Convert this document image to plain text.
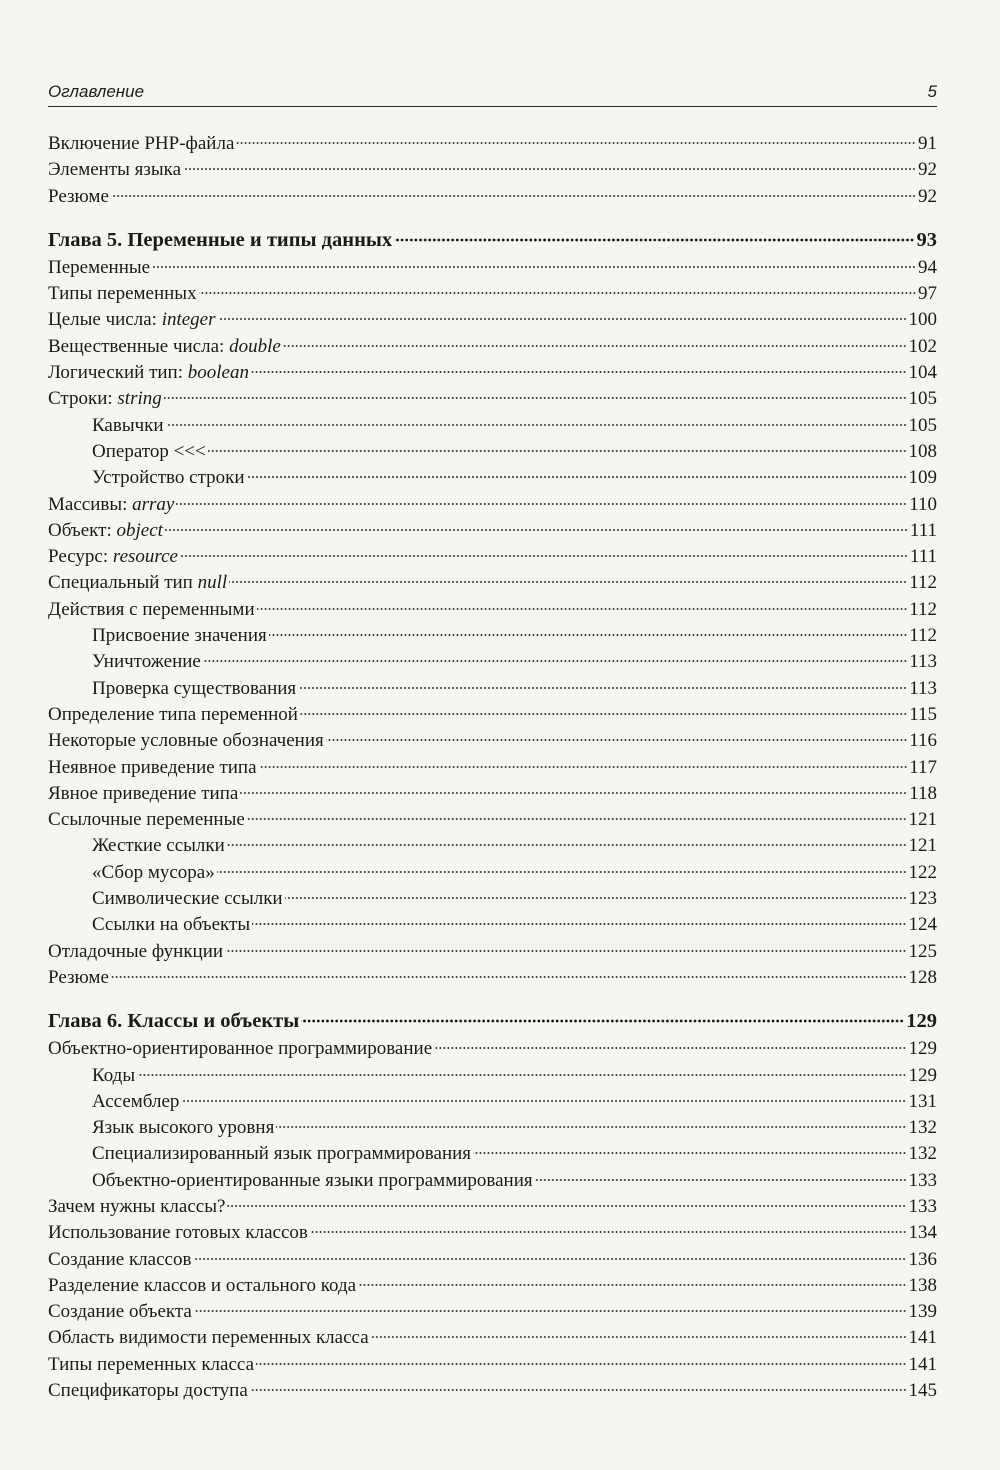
Оглавление	5
Включение PHP-файла	91
Элементы языка	92
Резюме	92
Глава 5. Переменные и типы данных	93
Переменные	94
Типы переменных	97
Целые числа: integer	100
Вещественные числа: double	102
Логический тип: boolean	104
Строки: string	105
Кавычки	105
Оператор <<<	108
Устройство строки	109
Массивы: array	110
Объект: object	111
Ресурс: resource	111
Специальный тип null	112
Действия с переменными	112
Присвоение значения	112
Уничтожение	113
Проверка существования	113
Определение типа переменной	115
Некоторые условные обозначения	116
Неявное приведение типа	117
Явное приведение типа	118
Ссылочные переменные	121
Жесткие ссылки	121
«Сбор мусора»	122
Символические ссылки	123
Ссылки на объекты	124
Отладочные функции	125
Резюме	128
Глава 6. Классы и объекты	129
Объектно-ориентированное программирование	129
Коды	129
Ассемблер	131
Язык высокого уровня	132
Специализированный язык программирования	132
Объектно-ориентированные языки программирования	133
Зачем нужны классы?	133
Использование готовых классов	134
Создание классов	136
Разделение классов и остального кода	138
Создание объекта	139
Область видимости переменных класса	141
Типы переменных класса	141
Спецификаторы доступа	145
